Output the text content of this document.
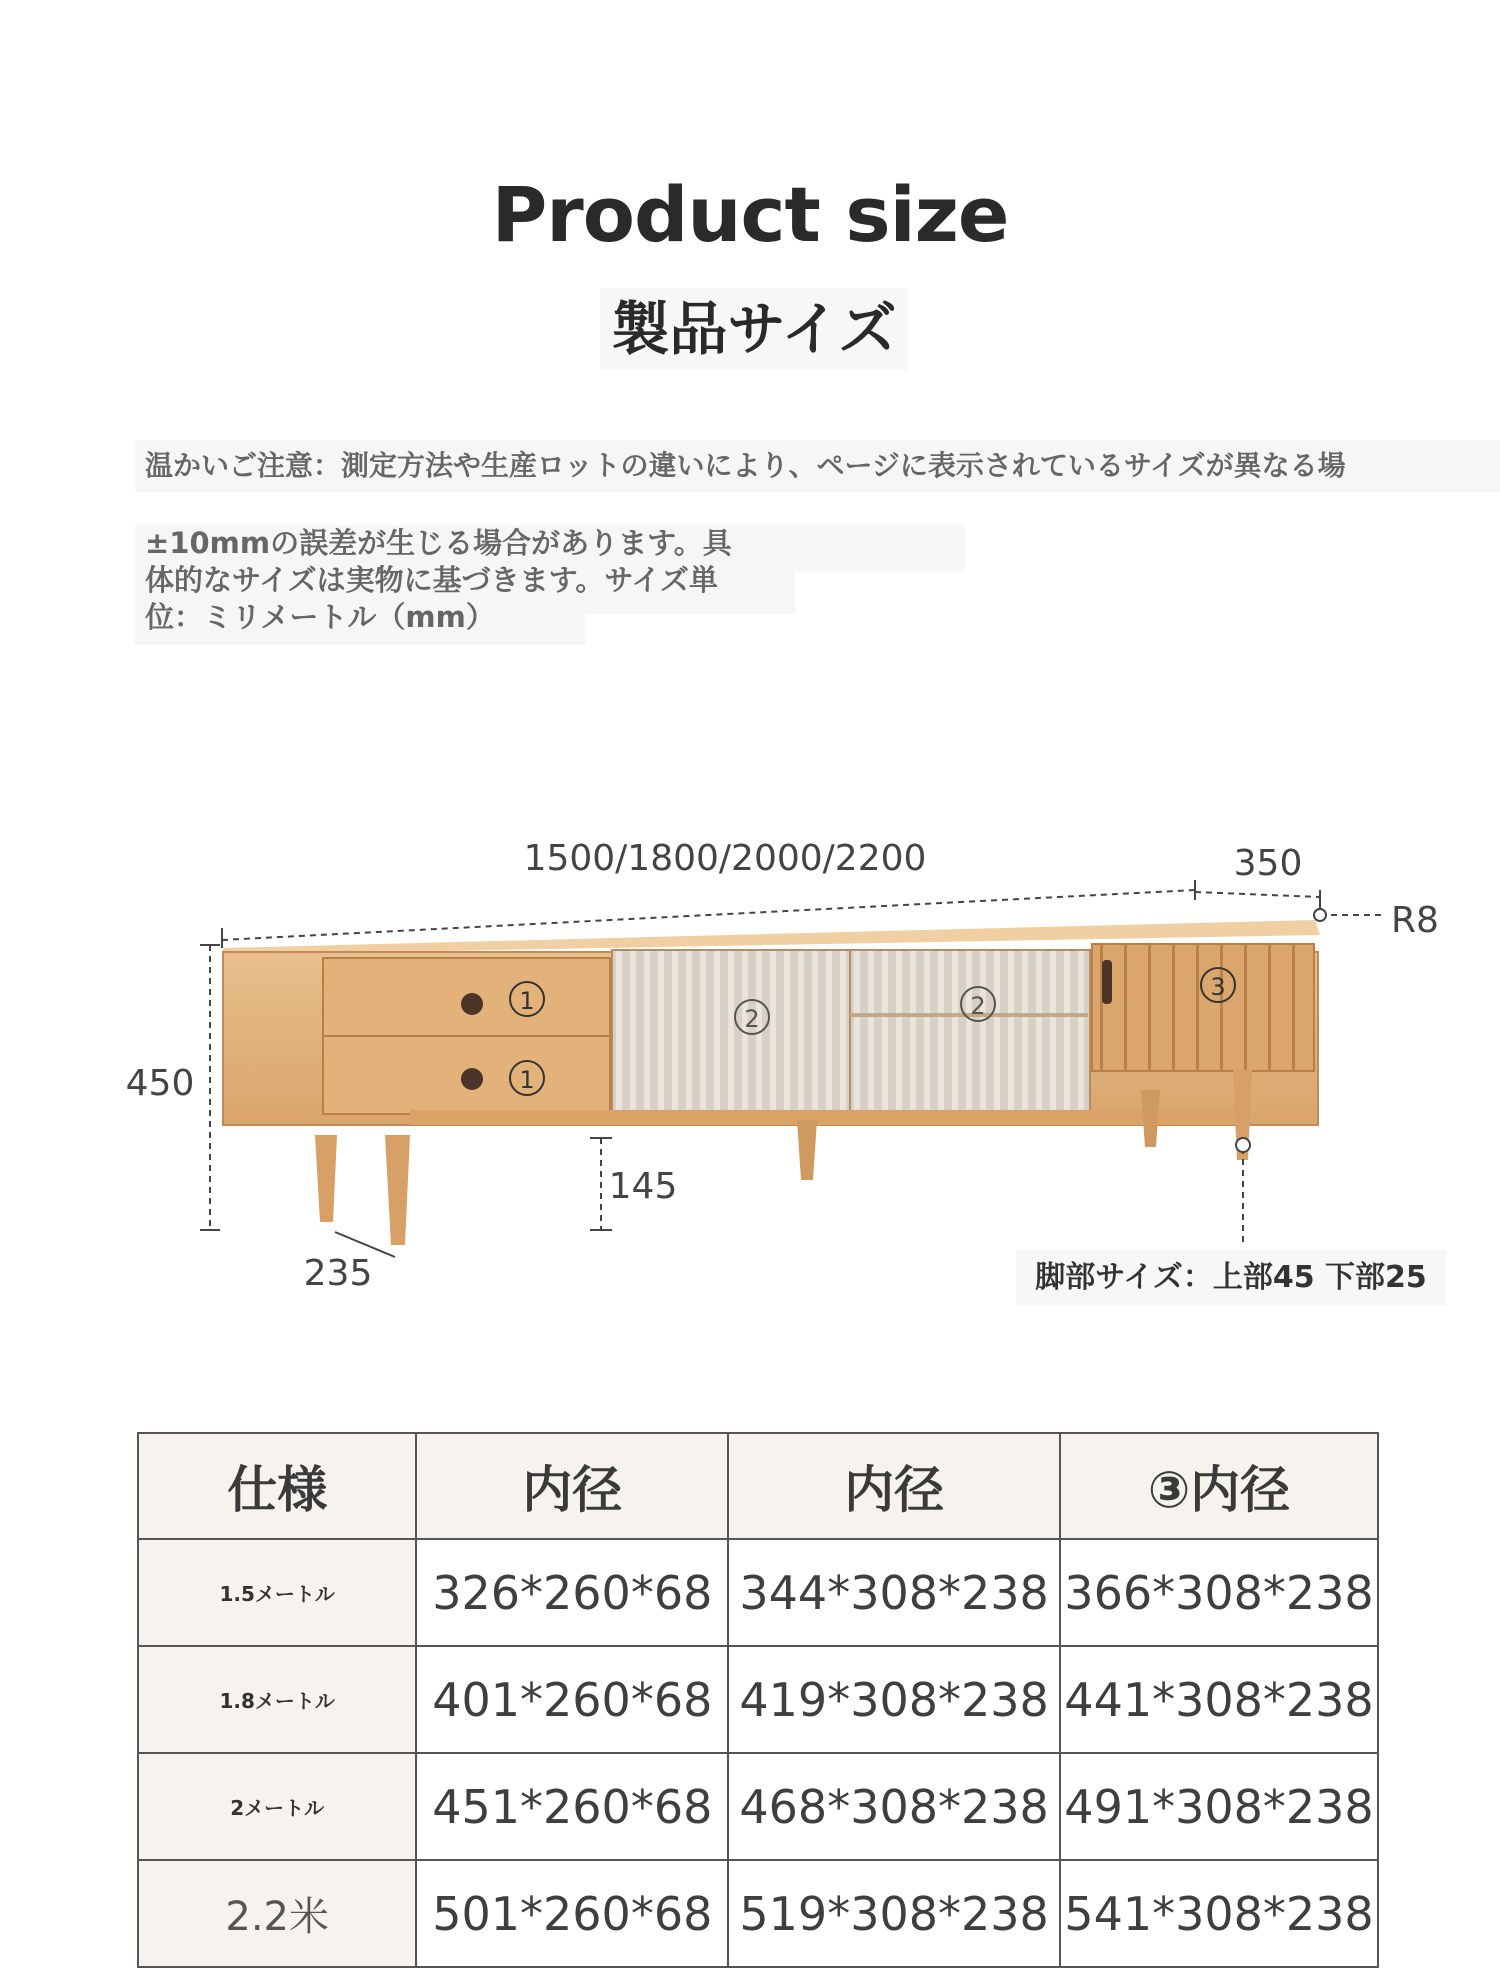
Product size
製品サイズ
温かいご注意：測定方法や生産ロットの違いにより、ページに表示されているサイズが異なる場
±10mmの誤差が生じる場合があります。具
体的なサイズは実物に基づきます。サイズ単
位：ミリメートル（mm）
1
1
2	2
3
1500/1800/2000/2200	350
R8
450
145
235	脚部サイズ：上部45 下部25
仕様	内径	内径	③内径
1.5メートル	326*260*68	344*308*238	366*308*238
1.8メートル	401*260*68	419*308*238	441*308*238
2メートル	451*260*68	468*308*238	491*308*238
2.2米	501*260*68	519*308*238	541*308*238
